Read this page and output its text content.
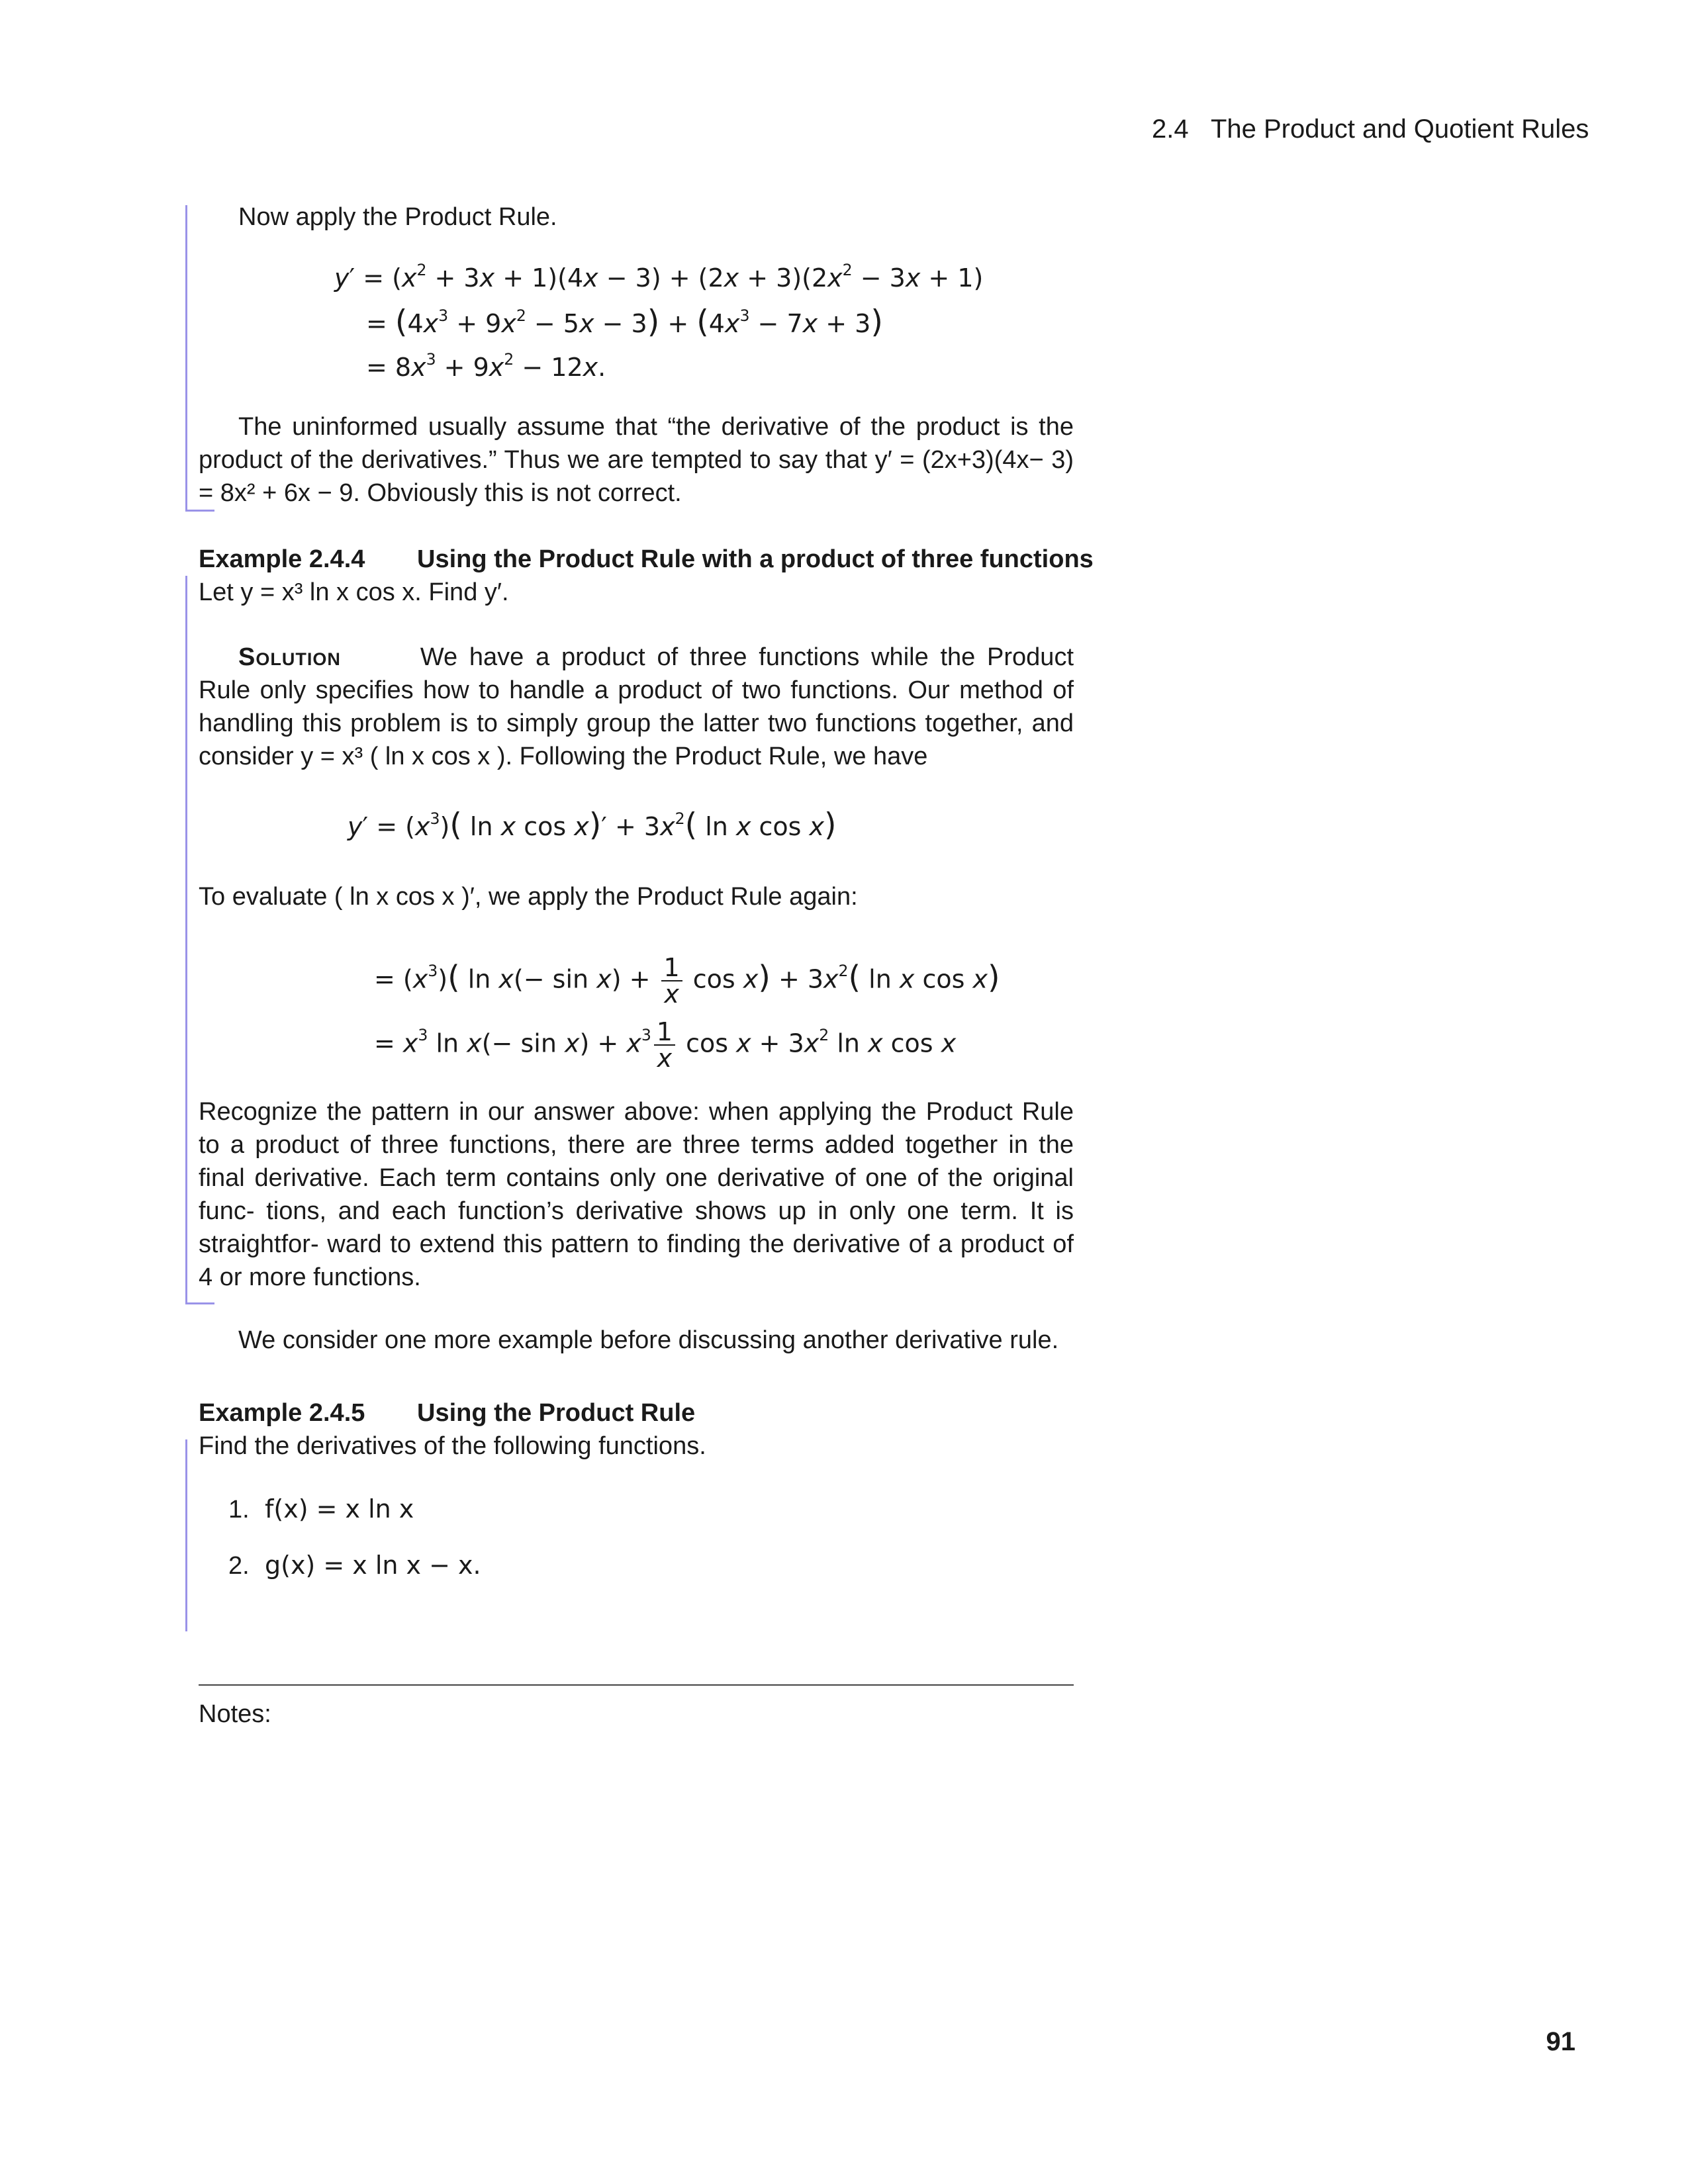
2.4 The Product and Quotient Rules
Now apply the Product Rule.
$y' = (x^2 + 3x + 1)(4x - 3) + (2x + 3)(2x^2 - 3x + 1)$
= $(4x^3 + 9x^2 - 5x - 3) + (4x^3 - 7x + 3)$
= $8x^3 + 9x^2 - 12x$.
The uninformed usually assume that “the derivative of the product is the product of the derivatives.” Thus we are tempted to say that y′ = (2x+3)(4x− 3) = 8x² + 6x − 9. Obviously this is not correct.
Example 2.4.4 Using the Product Rule with a product of three functions
Let y = x³ ln x cos x. Find y′.
Solution	We have a product of three functions while the Product Rule only specifies how to handle a product of two functions. Our method of handling this problem is to simply group the latter two functions together, and consider y = x³ ( ln x cos x ). Following the Product Rule, we have
$y' = (x^3)$( ln x $\cos x)' + 3x^2$( ln x cos x)
To evaluate ( ln x cos x )′, we apply the Product Rule again:
= $(x^3)$( $\ln x(- \sin x) + \frac{1}{x}$ $\cos x) + 3x^2$( ln x cos x)
= $x^3$ $\ln x(- \sin x) + x^3 \frac{1}{x}$ $\cos x + 3x^2$ ln x cos x
Recognize the pattern in our answer above: when applying the Product Rule to a product of three functions, there are three terms added together in the final derivative. Each term contains only one derivative of one of the original func- tions, and each function’s derivative shows up in only one term. It is straightfor- ward to extend this pattern to finding the derivative of a product of 4 or more functions.
We consider one more example before discussing another derivative rule.
Example 2.4.5 Using the Product Rule
Find the derivatives of the following functions.
1. f(x) = x ln x
2. g(x) = x ln x − x.
Notes:
91
